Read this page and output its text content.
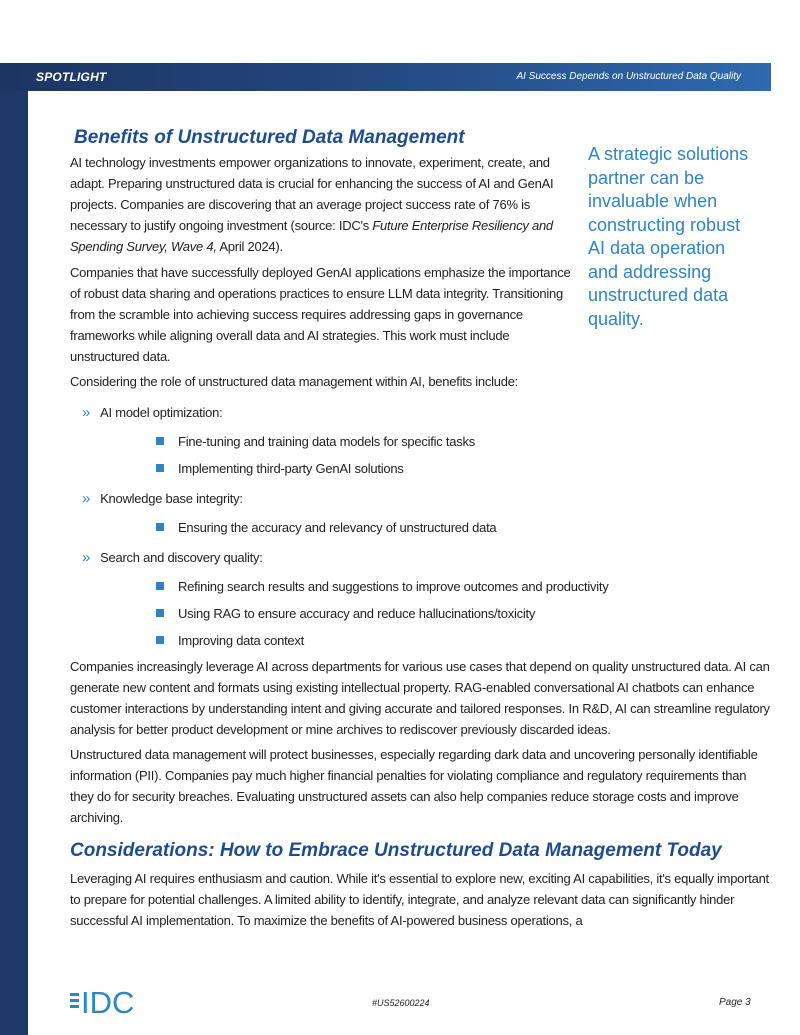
SPOTLIGHT	AI Success Depends on Unstructured Data Quality
Benefits of Unstructured Data Management

AI technology investments empower organizations to innovate, experiment, create, and adapt. Preparing unstructured data is crucial for enhancing the success of AI and GenAI projects. Companies are discovering that an average project success rate of 76% is necessary to justify ongoing investment (source: IDC's Future Enterprise Resiliency and Spending Survey, Wave 4, April 2024).

Companies that have successfully deployed GenAI applications emphasize the importance of robust data sharing and operations practices to ensure LLM data integrity. Transitioning from the scramble into achieving success requires addressing gaps in governance frameworks while aligning overall data and AI strategies. This work must include unstructured data.

Considering the role of unstructured data management within AI, benefits include:

A strategic solutions partner can be invaluable when constructing robust AI data operation and addressing unstructured data quality.

» AI model optimization:
Fine-tuning and training data models for specific tasks
Implementing third-party GenAI solutions
» Knowledge base integrity:
Ensuring the accuracy and relevancy of unstructured data
» Search and discovery quality:
Refining search results and suggestions to improve outcomes and productivity
Using RAG to ensure accuracy and reduce hallucinations/toxicity
Improving data context

Companies increasingly leverage AI across departments for various use cases that depend on quality unstructured data. AI can generate new content and formats using existing intellectual property. RAG-enabled conversational AI chatbots can enhance customer interactions by understanding intent and giving accurate and tailored responses. In R&D, AI can streamline regulatory analysis for better product development or mine archives to rediscover previously discarded ideas.

Unstructured data management will protect businesses, especially regarding dark data and uncovering personally identifiable information (PII). Companies pay much higher financial penalties for violating compliance and regulatory requirements than they do for security breaches. Evaluating unstructured assets can also help companies reduce storage costs and improve archiving.

Considerations: How to Embrace Unstructured Data Management Today

Leveraging AI requires enthusiasm and caution. While it's essential to explore new, exciting AI capabilities, it's equally important to prepare for potential challenges. A limited ability to identify, integrate, and analyze relevant data can significantly hinder successful AI implementation. To maximize the benefits of AI-powered business operations, a

IDC	#US52600224	Page 3
